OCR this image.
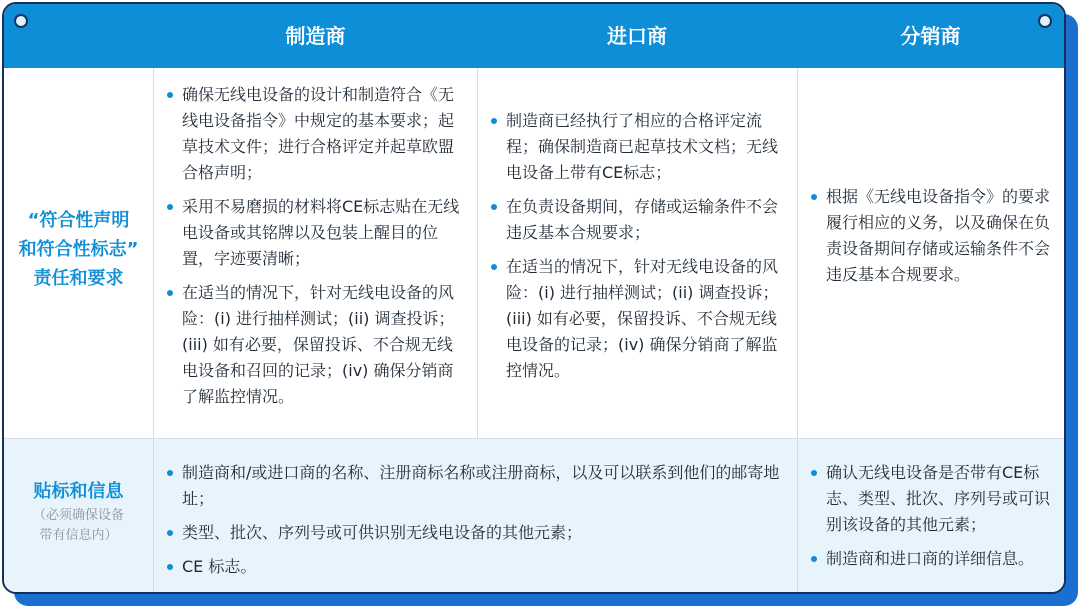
制造商	进口商	分销商
“符合性声明
和符合性标志”
责任和要求
确保无线电设备的设计和制造符合《无线电设备指令》中规定的基本要求；起草技术文件；进行合格评定并起草欧盟合格声明；
采用不易磨损的材料将CE标志贴在无线电设备或其铭牌以及包装上醒目的位置，字迹要清晰；
在适当的情况下，针对无线电设备的风险：(i) 进行抽样测试；(ii) 调查投诉；(iii) 如有必要，保留投诉、不合规无线电设备和召回的记录；(iv) 确保分销商了解监控情况。
制造商已经执行了相应的合格评定流程；确保制造商已起草技术文档；无线电设备上带有CE标志；
在负责设备期间，存储或运输条件不会违反基本合规要求；
在适当的情况下，针对无线电设备的风险：(i) 进行抽样测试；(ii) 调查投诉；(iii) 如有必要，保留投诉、不合规无线电设备的记录；(iv) 确保分销商了解监控情况。
根据《无线电设备指令》的要求履行相应的义务，以及确保在负责设备期间存储或运输条件不会违反基本合规要求。
贴标和信息
（必须确保设备
带有信息内）
制造商和/或进口商的名称、注册商标名称或注册商标，以及可以联系到他们的邮寄地址；
类型、批次、序列号或可供识别无线电设备的其他元素；
CE 标志。
确认无线电设备是否带有CE标志、类型、批次、序列号或可识别该设备的其他元素；
制造商和进口商的详细信息。
